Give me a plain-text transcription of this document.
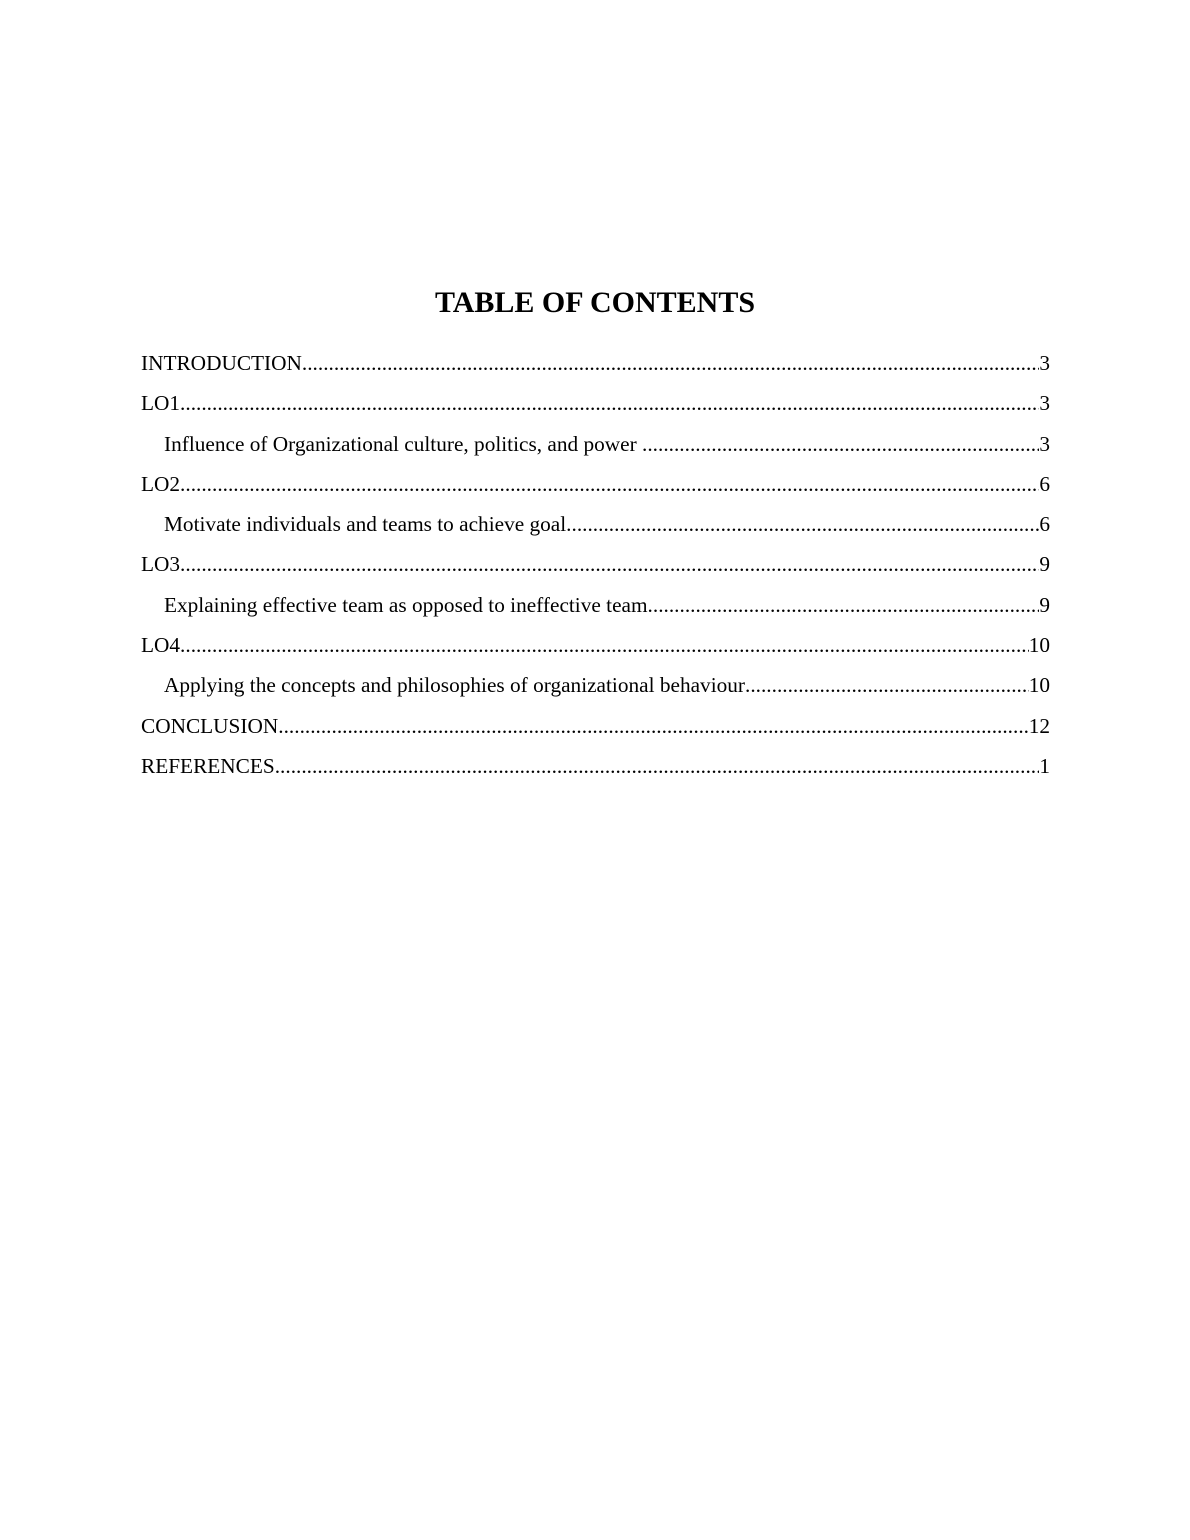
TABLE OF CONTENTS
INTRODUCTION .....	3
LO1 .....	3
Influence of Organizational culture, politics, and power .....	3
LO2 .....	6
Motivate individuals and teams to achieve goal .....	6
LO3 .....	9
Explaining effective team as opposed to ineffective team .....	9
LO4 .....	10
Applying the concepts and philosophies of organizational behaviour .....	10
CONCLUSION .....	12
REFERENCES .....	1
